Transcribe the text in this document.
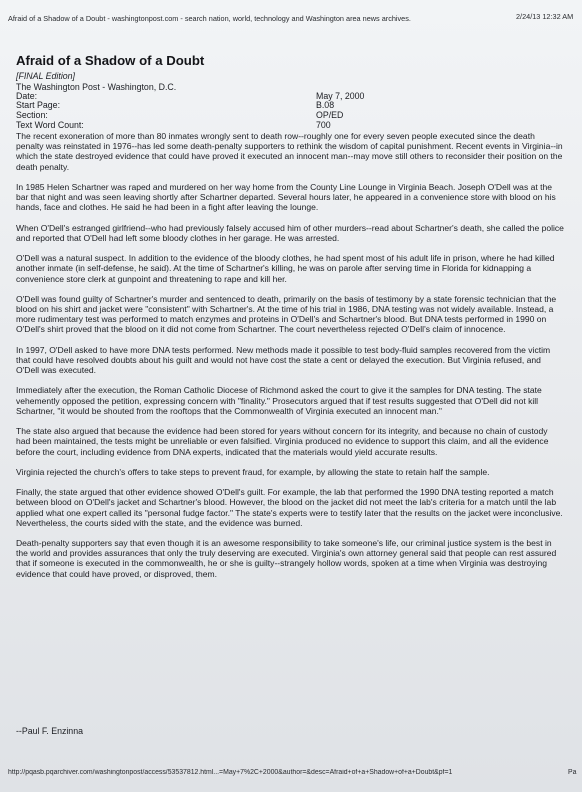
Afraid of a Shadow of a Doubt - washingtonpost.com - search nation, world, technology and Washington area news archives.	2/24/13 12:32 AM
Afraid of a Shadow of a Doubt
[FINAL Edition]
The Washington Post - Washington, D.C.
Date:	May 7, 2000
Start Page:	B.08
Section:	OP/ED
Text Word Count:	700

The recent exoneration of more than 80 inmates wrongly sent to death row--roughly one for every seven people executed since the death penalty was reinstated in 1976--has led some death-penalty supporters to rethink the wisdom of capital punishment. Recent events in Virginia--in which the state destroyed evidence that could have proved it executed an innocent man--may move still others to reconsider their position on the death penalty.

In 1985 Helen Schartner was raped and murdered on her way home from the County Line Lounge in Virginia Beach. Joseph O'Dell was at the bar that night and was seen leaving shortly after Schartner departed. Several hours later, he appeared in a convenience store with blood on his hands, face and clothes. He said he had been in a fight after leaving the lounge.

When O'Dell's estranged girlfriend--who had previously falsely accused him of other murders--read about Schartner's death, she called the police and reported that O'Dell had left some bloody clothes in her garage. He was arrested.

O'Dell was a natural suspect. In addition to the evidence of the bloody clothes, he had spent most of his adult life in prison, where he had killed another inmate (in self-defense, he said). At the time of Schartner's killing, he was on parole after serving time in Florida for kidnapping a convenience store clerk at gunpoint and threatening to rape and kill her.

O'Dell was found guilty of Schartner's murder and sentenced to death, primarily on the basis of testimony by a state forensic technician that the blood on his shirt and jacket were "consistent" with Schartner's. At the time of his trial in 1986, DNA testing was not widely available. Instead, a more rudimentary test was performed to match enzymes and proteins in O'Dell's and Schartner's blood. But DNA tests performed in 1990 on O'Dell's shirt proved that the blood on it did not come from Schartner. The court nevertheless rejected O'Dell's claim of innocence.

In 1997, O'Dell asked to have more DNA tests performed. New methods made it possible to test body-fluid samples recovered from the victim that could have resolved doubts about his guilt and would not have cost the state a cent or delayed the execution. But Virginia refused, and O'Dell was executed.

Immediately after the execution, the Roman Catholic Diocese of Richmond asked the court to give it the samples for DNA testing. The state vehemently opposed the petition, expressing concern with "finality." Prosecutors argued that if test results suggested that O'Dell did not kill Schartner, "it would be shouted from the rooftops that the Commonwealth of Virginia executed an innocent man."

The state also argued that because the evidence had been stored for years without concern for its integrity, and because no chain of custody had been maintained, the tests might be unreliable or even falsified. Virginia produced no evidence to support this claim, and all the evidence before the court, including evidence from DNA experts, indicated that the materials would yield accurate results.

Virginia rejected the church's offers to take steps to prevent fraud, for example, by allowing the state to retain half the sample.

Finally, the state argued that other evidence showed O'Dell's guilt. For example, the lab that performed the 1990 DNA testing reported a match between blood on O'Dell's jacket and Schartner's blood. However, the blood on the jacket did not meet the lab's criteria for a match until the lab applied what one expert called its "personal fudge factor." The state's experts were to testify later that the results on the jacket were inconclusive. Nevertheless, the courts sided with the state, and the evidence was burned.

Death-penalty supporters say that even though it is an awesome responsibility to take someone's life, our criminal justice system is the best in the world and provides assurances that only the truly deserving are executed. Virginia's own attorney general said that people can rest assured that if someone is executed in the commonwealth, he or she is guilty--strangely hollow words, spoken at a time when Virginia was destroying evidence that could have proved, or disproved, them.

--Paul F. Enzinna
http://pqasb.pqarchiver.com/washingtonpost/access/53537812.html...=May+7%2C+2000&author=&desc=Afraid+of+a+Shadow+of+a+Doubt&pf=1	Pa
